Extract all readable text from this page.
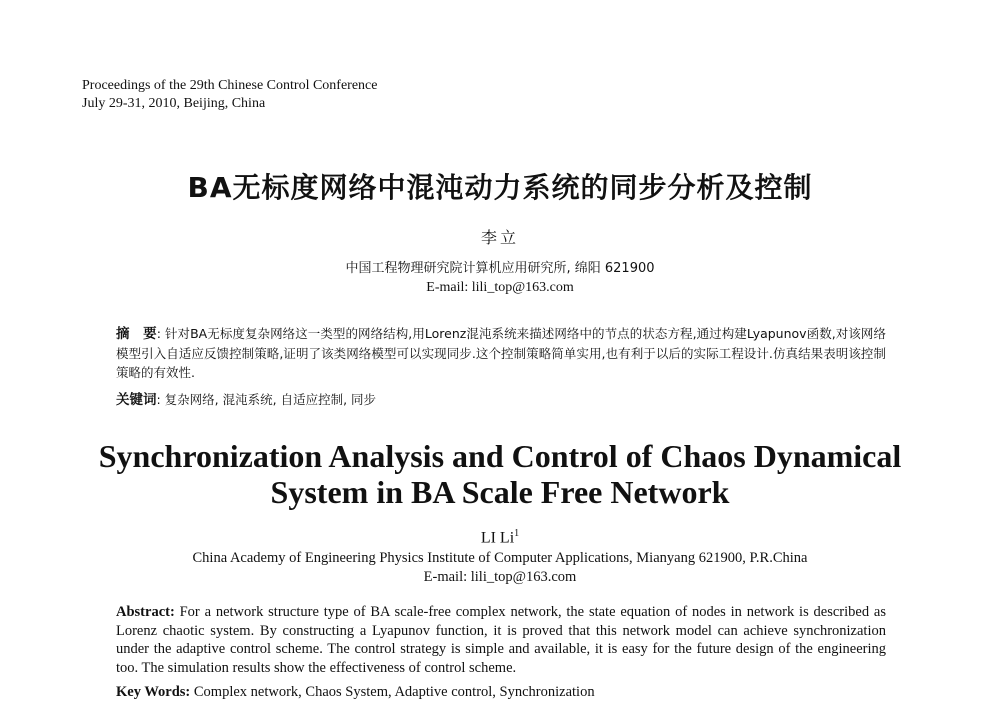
Proceedings of the 29th Chinese Control Conference
July 29-31, 2010, Beijing, China
BA无标度网络中混沌动力系统的同步分析及控制
李立
中国工程物理研究院计算机应用研究所, 绵阳 621900
E-mail: lili_top@163.com
摘　要: 针对BA无标度复杂网络这一类型的网络结构,用Lorenz混沌系统来描述网络中的节点的状态方程,通过构建Lyapunov函数,对该网络模型引入自适应反馈控制策略,证明了该类网络模型可以实现同步.这个控制策略简单实用,也有利于以后的实际工程设计.仿真结果表明该控制策略的有效性.
关键词: 复杂网络, 混沌系统, 自适应控制, 同步
Synchronization Analysis and Control of Chaos Dynamical
System in BA Scale Free Network
LI Li$^1$
China Academy of Engineering Physics Institute of Computer Applications, Mianyang 621900, P.R.China
E-mail: lili_top@163.com
Abstract: For a network structure type of BA scale-free complex network, the state equation of nodes in network is described as Lorenz chaotic system. By constructing a Lyapunov function, it is proved that this network model can achieve synchronization under the adaptive control scheme. The control strategy is simple and available, it is easy for the future design of the engineering too. The simulation results show the effectiveness of control scheme.
Key Words: Complex network, Chaos System, Adaptive control, Synchronization
